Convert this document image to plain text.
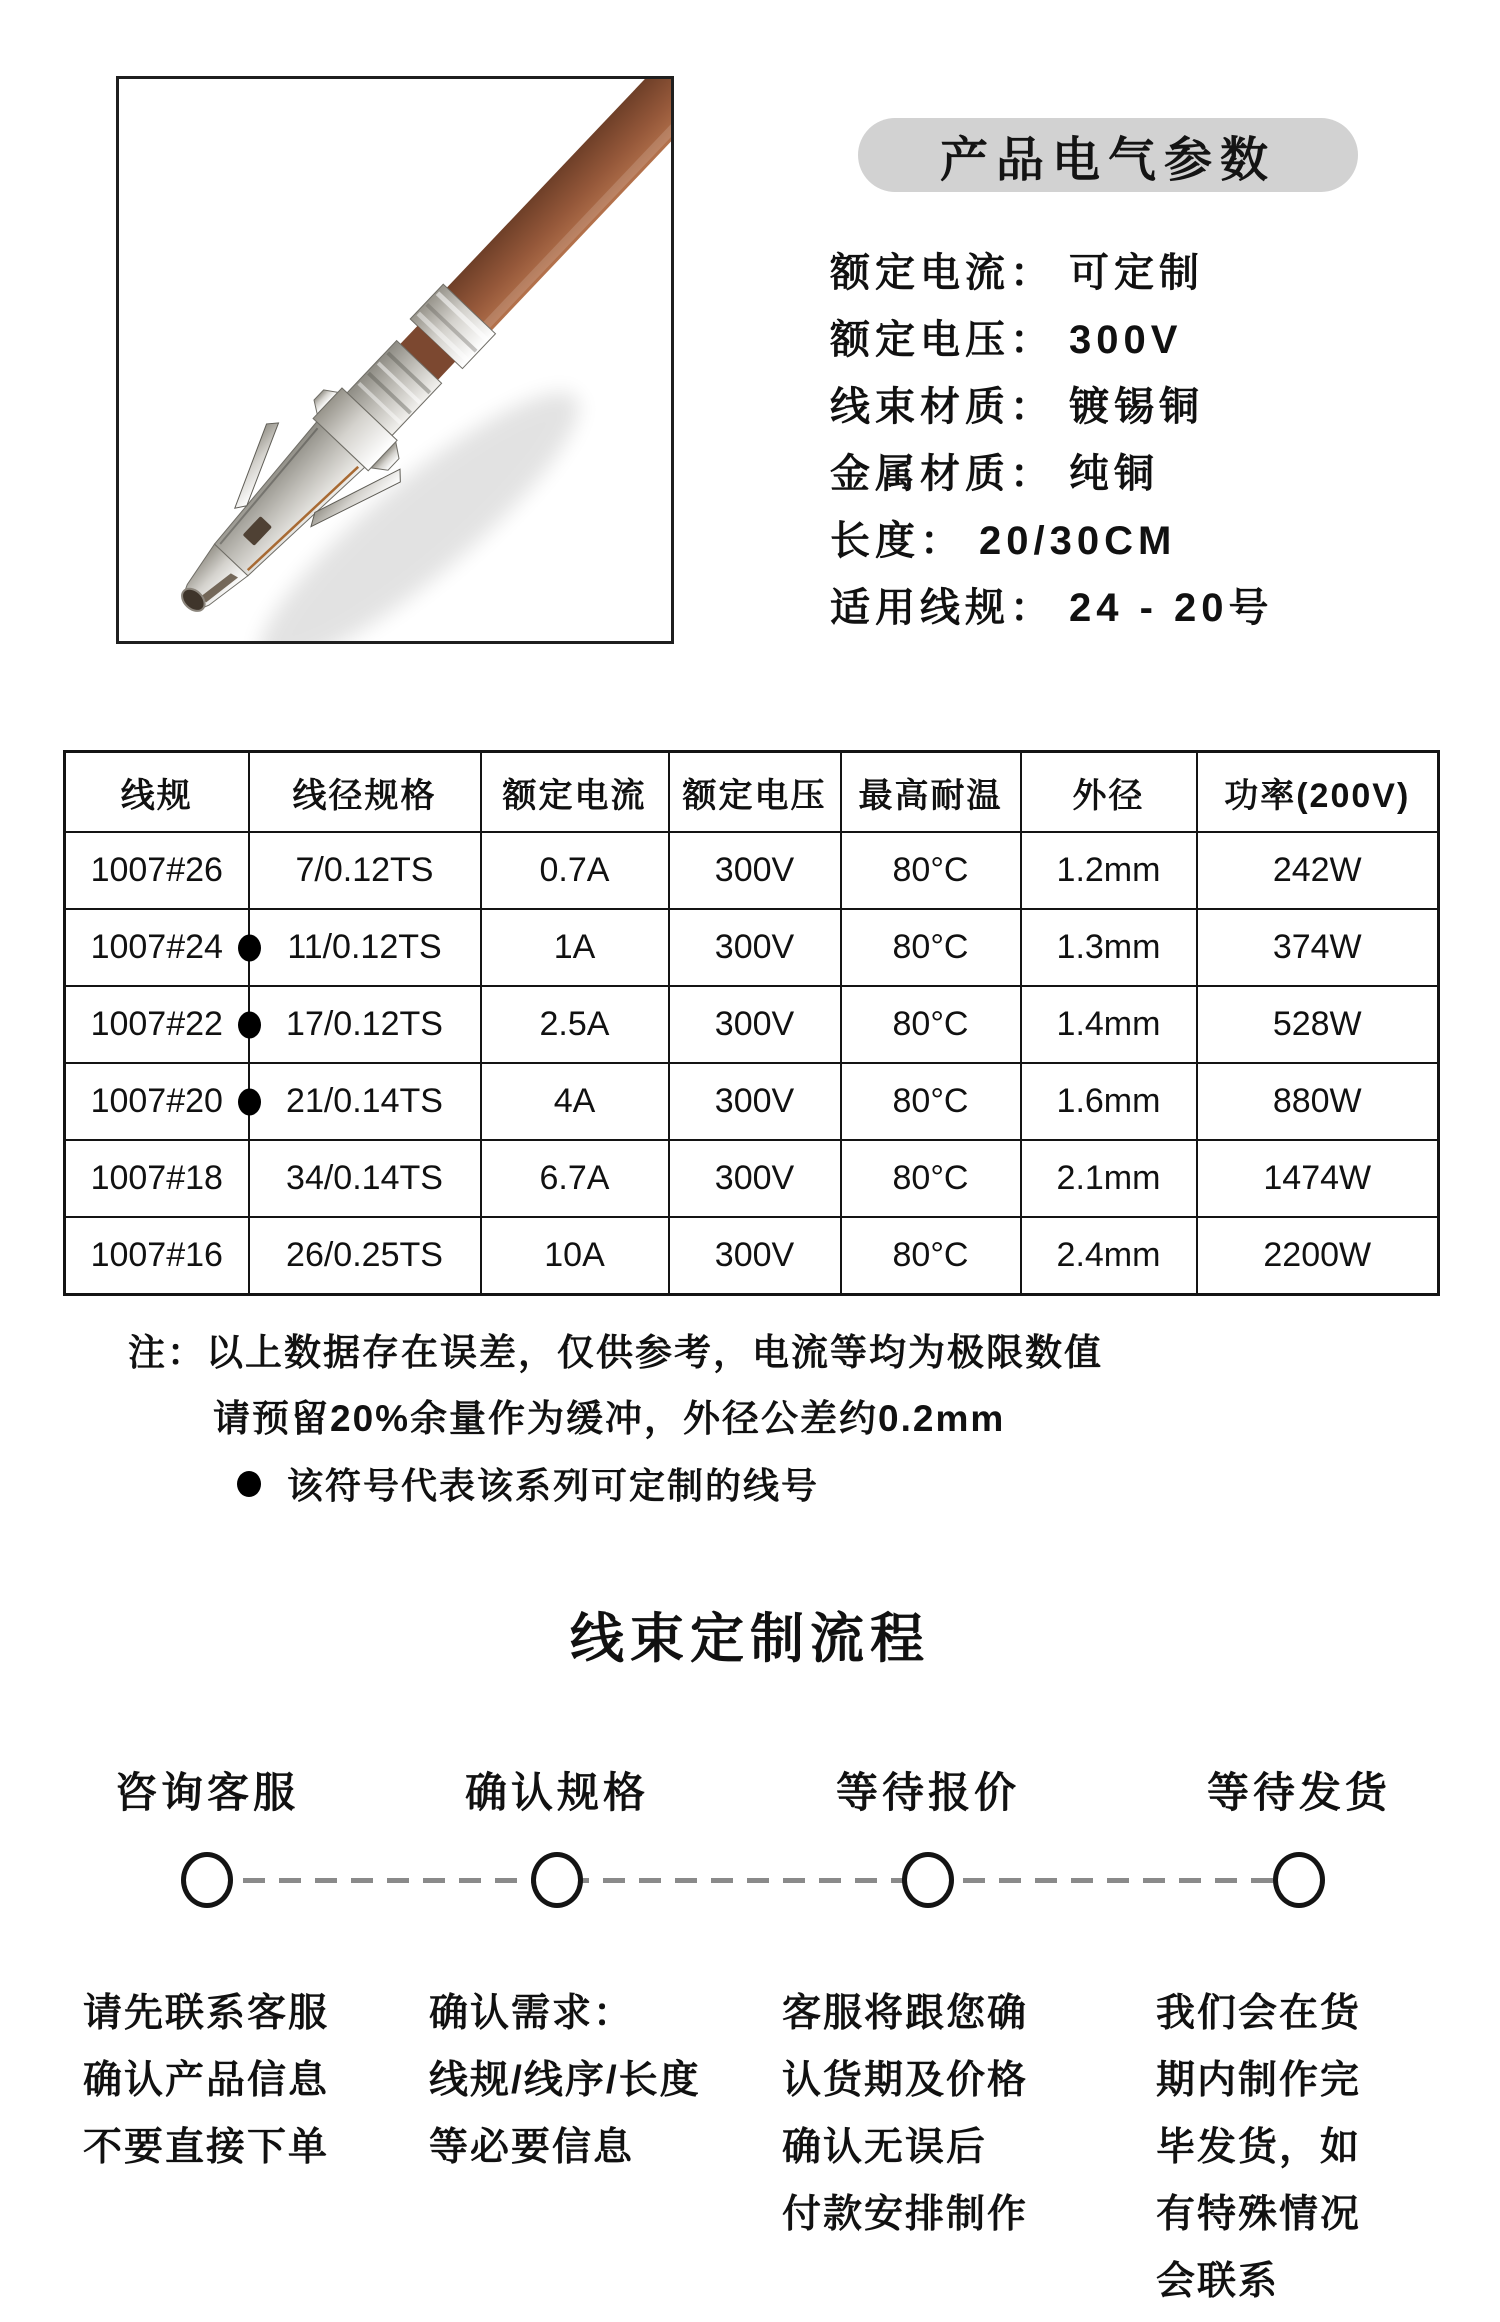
产品电气参数
额定电流： 可定制
额定电压： 300V
线束材质： 镀锡铜
金属材质： 纯铜
长度： 20/30CM
适用线规： 24 - 20号
线规	线径规格	额定电流	额定电压	最高耐温	外径	功率(200V)
1007#26	7/0.12TS	0.7A	300V	80°C	1.2mm	242W
1007#24	11/0.12TS	1A	300V	80°C	1.3mm	374W
1007#22	17/0.12TS	2.5A	300V	80°C	1.4mm	528W
1007#20	21/0.14TS	4A	300V	80°C	1.6mm	880W
1007#18	34/0.14TS	6.7A	300V	80°C	2.1mm	1474W
1007#16	26/0.25TS	10A	300V	80°C	2.4mm	2200W
注：以上数据存在误差，仅供参考，电流等均为极限数值
请预留20%余量作为缓冲，外径公差约0.2mm
该符号代表该系列可定制的线号
线束定制流程
咨询客服
请先联系客服
确认产品信息
不要直接下单
确认规格
确认需求：
线规/线序/长度
等必要信息
等待报价
客服将跟您确
认货期及价格
确认无误后
付款安排制作
等待发货
我们会在货
期内制作完
毕发货，如
有特殊情况
会联系
